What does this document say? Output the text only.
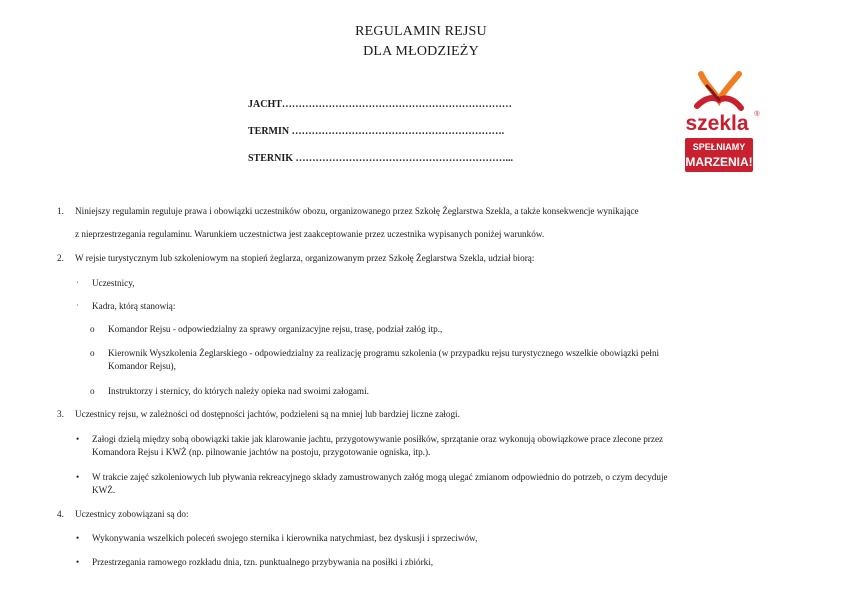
REGULAMIN REJSU
DLA MŁODZIEŻY
JACHT……………………………………………………………
TERMIN ……………………………………………………….
STERNIK ………………………………………………………...
szekla ®
SPEŁNIAMY
MARZENIA!
1. Niniejszy regulamin reguluje prawa i obowiązki uczestników obozu, organizowanego przez Szkołę Żeglarstwa Szekla, a także konsekwencje wynikające
z nieprzestrzegania regulaminu. Warunkiem uczestnictwa jest zaakceptowanie przez uczestnika wypisanych poniżej warunków.
2. W rejsie turystycznym lub szkoleniowym na stopień żeglarza, organizowanym przez Szkołę Żeglarstwa Szekla, udział biorą:
· Uczestnicy,
· Kadra, którą stanowią:
o Komandor Rejsu - odpowiedzialny za sprawy organizacyjne rejsu, trasę, podział załóg itp.,
o Kierownik Wyszkolenia Żeglarskiego - odpowiedzialny za realizację programu szkolenia (w przypadku rejsu turystycznego wszelkie obowiązki pełni
Komandor Rejsu),
o Instruktorzy i sternicy, do których należy opieka nad swoimi załogami.
3. Uczestnicy rejsu, w zależności od dostępności jachtów, podzieleni są na mniej lub bardziej liczne załogi.
• Załogi dzielą między sobą obowiązki takie jak klarowanie jachtu, przygotowywanie posiłków, sprzątanie oraz wykonują obowiązkowe prace zlecone przez
Komandora Rejsu i KWŻ (np. pilnowanie jachtów na postoju, przygotowanie ogniska, itp.).
• W trakcie zajęć szkoleniowych lub pływania rekreacyjnego składy zamustrowanych załóg mogą ulegać zmianom odpowiednio do potrzeb, o czym decyduje
KWŻ.
4. Uczestnicy zobowiązani są do:
• Wykonywania wszelkich poleceń swojego sternika i kierownika natychmiast, bez dyskusji i sprzeciwów,
• Przestrzegania ramowego rozkładu dnia, tzn. punktualnego przybywania na posiłki i zbiórki,
